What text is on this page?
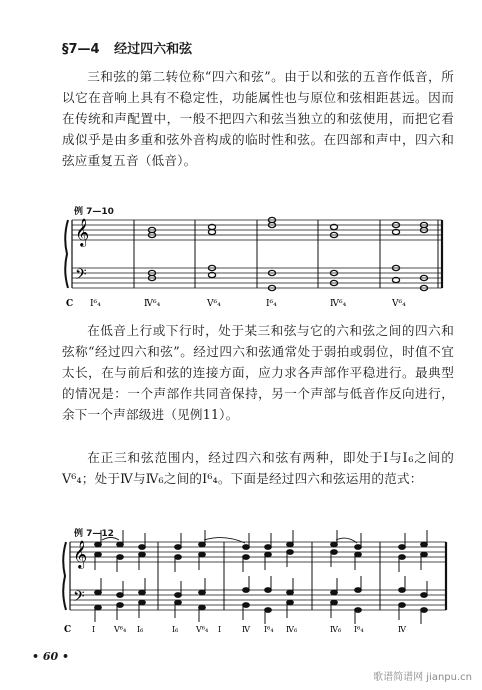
§7—4 经过四六和弦

三和弦的第二转位称“四六和弦”。由于以和弦的五音作低音，所以它在音响上具有不稳定性，功能属性也与原位和弦相距甚远。因而在传统和声配置中，一般不把四六和弦当独立的和弦使用，而把它看成似乎是由多重和弦外音构成的临时性和弦。在四部和声中，四六和弦应重复五音（低音）。

例 7—10
𝄞
𝄢
C Ⅰ⁶₄	Ⅳ⁶₄	Ⅴ⁶₄	Ⅰ⁶₄	Ⅳ⁶₄	Ⅴ⁶₄

在低音上行或下行时，处于某三和弦与它的六和弦之间的四六和弦称“经过四六和弦”。经过四六和弦通常处于弱拍或弱位，时值不宜太长，在与前后和弦的连接方面，应力求各声部作平稳进行。最典型的情况是：一个声部作共同音保持，另一个声部与低音作反向进行，余下一个声部级进（见例11）。

在正三和弦范围内，经过四六和弦有两种，即处于Ⅰ与Ⅰ₆之间的Ⅴ⁶₄；处于Ⅳ与Ⅳ₆之间的Ⅰ⁶₄。下面是经过四六和弦运用的范式：

例 7—12
𝄞
𝄢
C	Ⅰ Ⅴ⁶₄ Ⅰ₆	Ⅰ₆ Ⅴ⁶₄ Ⅰ	Ⅳ Ⅰ⁶₄ Ⅳ₆	Ⅳ₆ Ⅰ⁶₄	Ⅳ
• 60 •
歌谱简谱网 jianpu.cn
